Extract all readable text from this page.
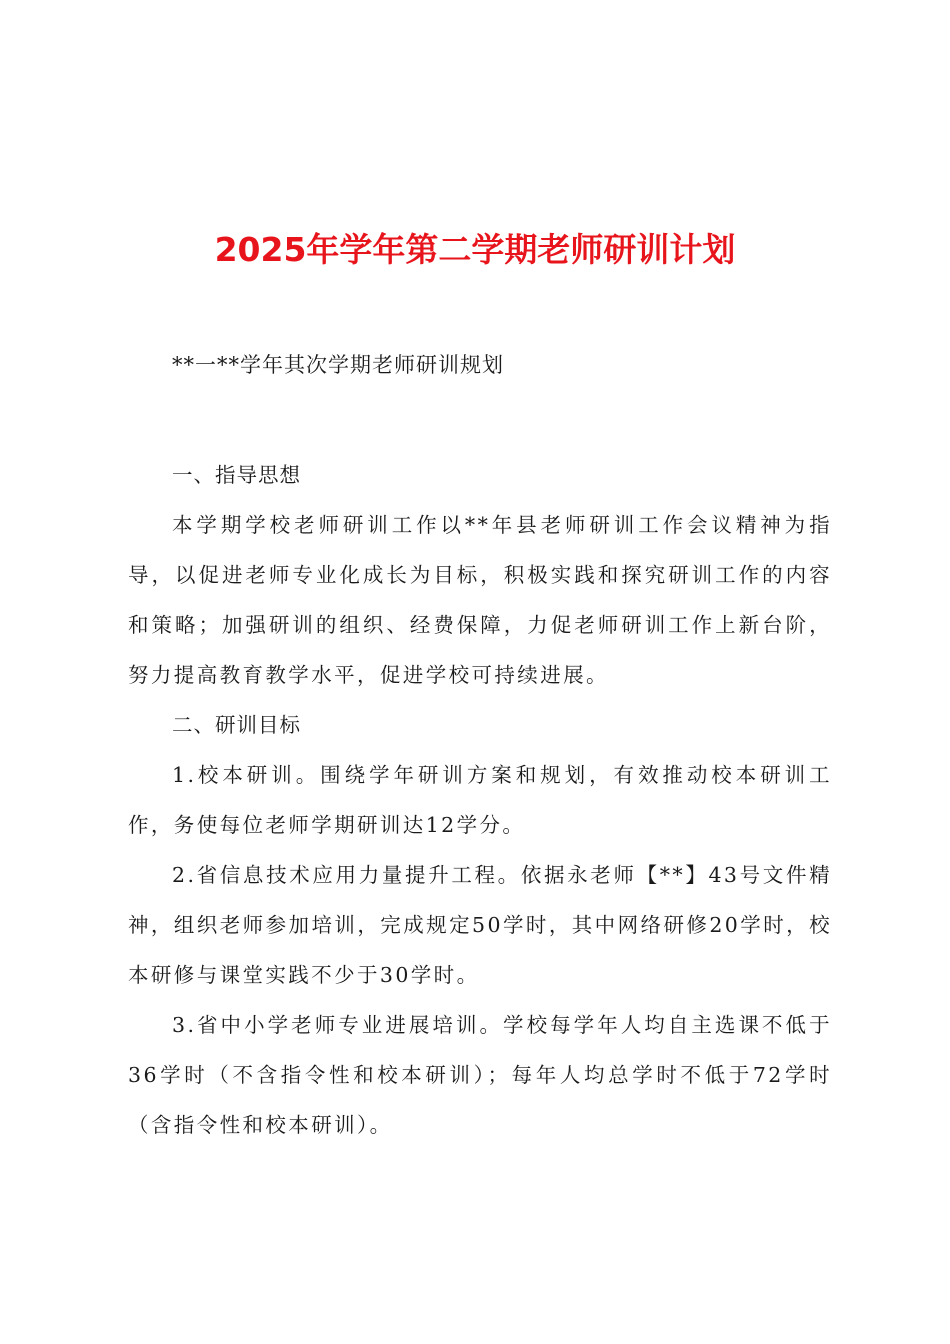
2025年学年第二学期老师研训计划
**一**学年其次学期老师研训规划

一、指导思想

本学期学校老师研训工作以**年县老师研训工作会议精神为指导，以促进老师专业化成长为目标，积极实践和探究研训工作的内容和策略；加强研训的组织、经费保障，力促老师研训工作上新台阶，努力提高教育教学水平，促进学校可持续进展。

二、研训目标

1.校本研训。围绕学年研训方案和规划，有效推动校本研训工作，务使每位老师学期研训达12学分。

2.省信息技术应用力量提升工程。依据永老师【**】43号文件精神，组织老师参加培训，完成规定50学时，其中网络研修20学时，校本研修与课堂实践不少于30学时。

3.省中小学老师专业进展培训。学校每学年人均自主选课不低于36学时（不含指令性和校本研训）；每年人均总学时不低于72学时（含指令性和校本研训）。
